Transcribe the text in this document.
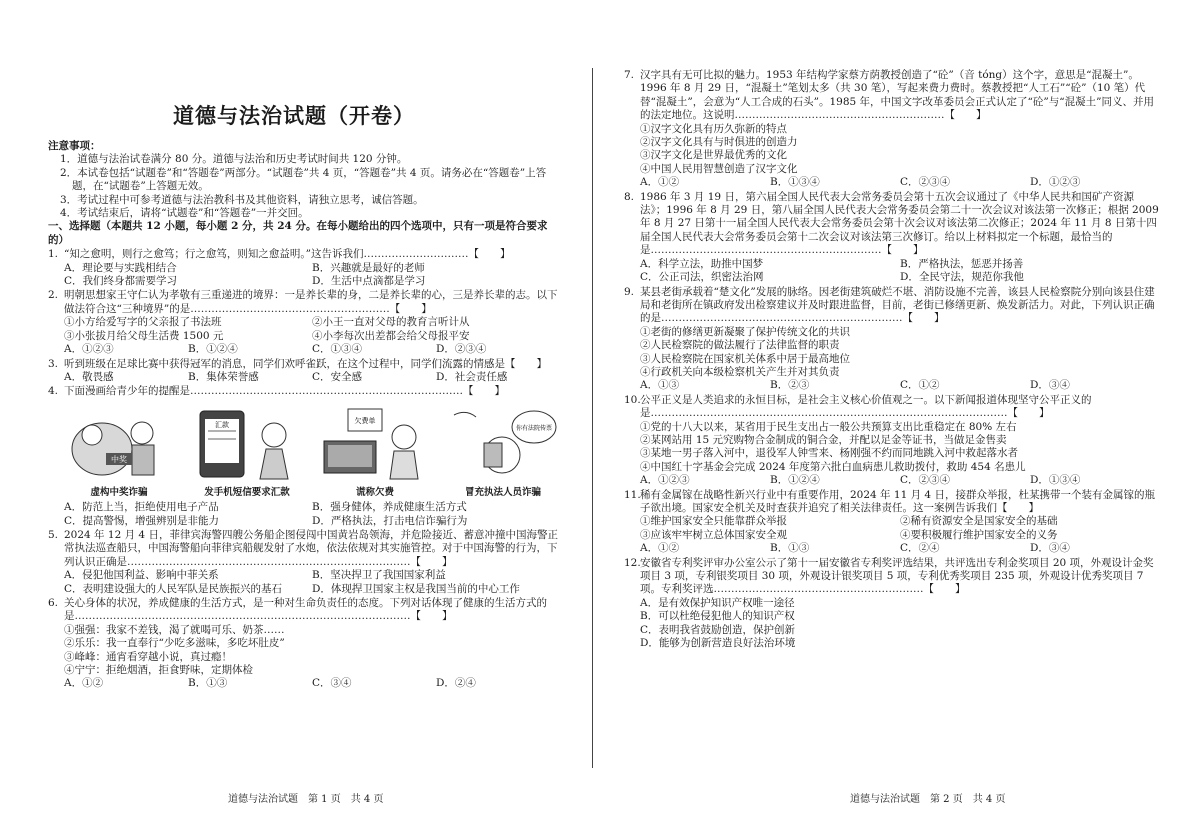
道德与法治试题（开卷）
注意事项：
1．道德与法治试卷满分 80 分。道德与法治和历史考试时间共 120 分钟。
2．本试卷包括“试题卷”和“答题卷”两部分。“试题卷”共 4 页，“答题卷”共 4 页。请务必在“答题卷”上答题，在“试题卷”上答题无效。
3．考试过程中可参考道德与法治教科书及其他资料，请独立思考，诚信答题。
4．考试结束后，请将“试题卷”和“答题卷”一并交回。
一、选择题（本题共 12 小题，每小题 2 分，共 24 分。在每小题给出的四个选项中，只有一项是符合要求的）
1. “知之愈明，则行之愈笃；行之愈笃，则知之愈益明。”这告诉我们…………………………【　　】
A．理论要与实践相结合	B．兴趣就是最好的老师
C．我们终身都需要学习	D．生活中点滴都是学习
2. 明朝思想家王守仁认为孝敬有三重递进的境界：一是养长辈的身，二是养长辈的心，三是养长辈的志。以下做法符合这“三种境界”的是…………………………………………………【　　】
①小方给爱写字的父亲报了书法班	②小王一直对父母的教育言听计从
③小张拔月给父母生活费 1500 元	④小李每次出差都会给父母报平安
A．①②③	B．①②④	C．①③④	D．②③④
3. 听到班级在足球比赛中获得冠军的消息，同学们欢呼雀跃，在这个过程中，同学们流露的情感是【　　】
A．敬畏感	B．集体荣誉感	C．安全感	D．社会责任感
4. 下面漫画给青少年的提醒是……………………………………………………………………【　　】
中奖
虚构中奖诈骗
汇款
发手机短信要求汇款
欠费单
谎称欠费
你有法院传票
冒充执法人员诈骗
A．防范上当，拒绝使用电子产品	B．强身健体，养成健康生活方式
C．提高警惕，增强辨别是非能力	D．严格执法，打击电信诈骗行为
5. 2024 年 12 月 4 日，菲律宾海警四艘公务船企图侵闯中国黄岩岛领海，并危险接近、蓄意冲撞中国海警正常执法巡查船只，中国海警船向菲律宾船舰发射了水炮，依法依规对其实施管控。对于中国海警的行为，下列认识正确是………………………………………………………………………【　　】
A．侵犯他国利益、影响中菲关系	B．坚决捍卫了我国国家利益
C．表明建设强大的人民军队是民族振兴的基石	D．体现捍卫国家主权是我国当前的中心工作
6. 关心身体的状况，养成健康的生活方式，是一种对生命负责任的态度。下列对话体现了健康的生活方式的是……………………………………………………………………………………【　　】
①强强：我家不差钱，渴了就喝可乐、奶茶……
②乐乐：我一直奉行“少吃多滋味，多吃坏肚皮”
③峰峰：通宵看穿越小说，真过瘾！
④宁宁：拒绝烟酒，拒食野味，定期体检
A．①②	B．①③	C．③④	D．②④
道德与法治试题　第 1 页　共 4 页
7. 汉字具有无可比拟的魅力。1953 年结构学家蔡方荫教授创造了“砼”（音 tóng）这个字，意思是“混凝土”。1996 年 8 月 29 日，“混凝土”笔划太多（共 30 笔），写起来费力费时。蔡教授把“人工石”“砼”（10 笔）代替“混凝土”，会意为“人工合成的石头”。1985 年，中国文字改革委员会正式认定了“砼”与“混凝土”同义、并用的法定地位。这说明……………………………………………………【　　】
①汉字文化具有历久弥新的特点
②汉字文化具有与时俱进的创造力
③汉字文化是世界最优秀的文化
④中国人民用智慧创造了汉字文化
A．①②	B．①③④	C．②③④	D．①②③
8. 1986 年 3 月 19 日，第六届全国人民代表大会常务委员会第十五次会议通过了《中华人民共和国矿产资源法》；1996 年 8 月 29 日，第八届全国人民代表大会常务委员会第二十一次会议对该法第一次修正；根据 2009 年 8 月 27 日第十一届全国人民代表大会常务委员会第十次会议对该法第二次修正；2024 年 11 月 8 日第十四届全国人民代表大会常务委员会第十二次会议对该法第三次修订。给以上材料拟定一个标题，最恰当的是…………………………………………………………【　　】
A．科学立法，助推中国梦	B．严格执法，惩恶并扬善
C．公正司法，织密法治网	D．全民守法，规范你我他
9. 某县老街承载着“楚文化”发展的脉络。因老街建筑破烂不堪、消防设施不完善，该县人民检察院分别向该县住建局和老街所在镇政府发出检察建议并及时跟进监督，目前，老街已修缮更新、焕发新活力。对此，下列认识正确的是……………………………………………………………【　　】
①老街的修缮更新凝聚了保护传统文化的共识
②人民检察院的做法履行了法律监督的职责
③人民检察院在国家机关体系中居于最高地位
④行政机关向本级检察机关产生并对其负责
A．①③	B．②③	C．①②	D．③④
10. 公平正义是人类追求的永恒目标，是社会主义核心价值观之一。以下新闻报道体现坚守公平正义的是…………………………………………………………………………………………【　　】
①党的十八大以来，某省用于民生支出占一般公共预算支出比重稳定在 80% 左右
②某网站用 15 元究购物合金制成的铜合金，并配以足金等证书，当做足金售卖
③某地一男子落入河中，退役军人钟雪来、杨刚强不约而同地跳入河中救起落水者
④中国红十字基金会完成 2024 年度第六批白血病患儿救助拨付，救助 454 名患儿
A．①②③	B．①②④	C．②③④	D．①③④
11. 稀有金属镓在战略性新兴行业中有重要作用，2024 年 11 月 4 日，接群众举报，杜某携带一个装有金属镓的瓶子欲出境。国家安全机关及时查获并追究了相关法律责任。这一案例告诉我们【　　】
①维护国家安全只能靠群众举报	②稀有资源安全是国家安全的基础
③应该牢牢树立总体国家安全观	④要积极履行维护国家安全的义务
A．①②	B．①③	C．②④	D．③④
12. 安徽省专利奖评审办公室公示了第十一届安徽省专利奖评选结果，共评选出专利金奖项目 20 项，外观设计金奖项目 3 项，专利银奖项目 30 项，外观设计银奖项目 5 项，专利优秀奖项目 235 项，外观设计优秀奖项目 7 项。专利奖评选……………………………………………………【　　】
A．是有效保护知识产权唯一途径
B．可以杜绝侵犯他人的知识产权
C．表明我省鼓励创造，保护创新
D．能够为创新营造良好法治环境
道德与法治试题　第 2 页　共 4 页
